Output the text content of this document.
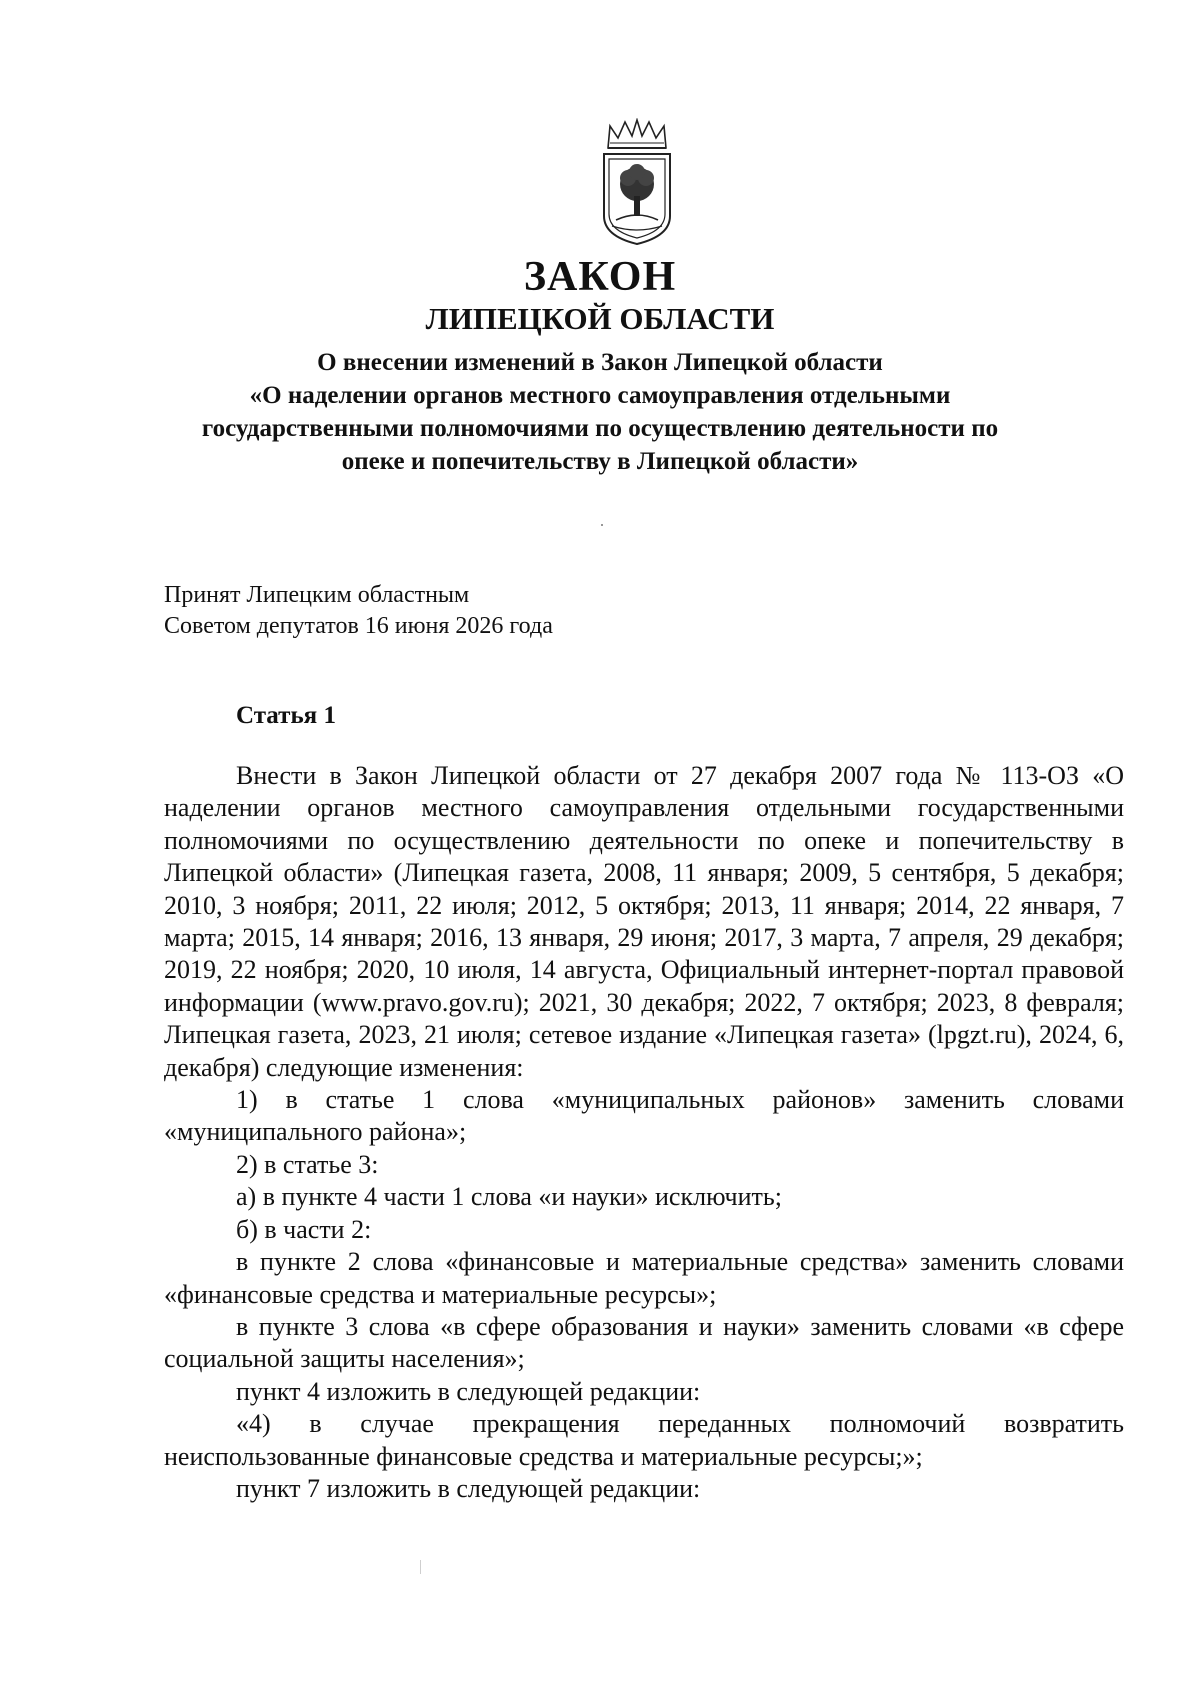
ЗАКОН
ЛИПЕЦКОЙ ОБЛАСТИ
О внесении изменений в Закон Липецкой области
«О наделении органов местного самоуправления отдельными
государственными полномочиями по осуществлению деятельности по
опеке и попечительству в Липецкой области»
Принят Липецким областным
Советом депутатов 16 июня 2026 года
Статья 1

Внести в Закон Липецкой области от 27 декабря 2007 года № 113-ОЗ «О наделении органов местного самоуправления отдельными государственными полномочиями по осуществлению деятельности по опеке и попечительству в Липецкой области» (Липецкая газета, 2008, 11 января; 2009, 5 сентября, 5 декабря; 2010, 3 ноября; 2011, 22 июля; 2012, 5 октября; 2013, 11 января; 2014, 22 января, 7 марта; 2015, 14 января; 2016, 13 января, 29 июня; 2017, 3 марта, 7 апреля, 29 декабря; 2019, 22 ноября; 2020, 10 июля, 14 августа, Официальный интернет-портал правовой информации (www.pravo.gov.ru); 2021, 30 декабря; 2022, 7 октября; 2023, 8 февраля; Липецкая газета, 2023, 21 июля; сетевое издание «Липецкая газета» (lpgzt.ru), 2024, 6, декабря) следующие изменения:

1) в статье 1 слова «муниципальных районов» заменить словами «муниципального района»;

2) в статье 3:

а) в пункте 4 части 1 слова «и науки» исключить;

б) в части 2:

в пункте 2 слова «финансовые и материальные средства» заменить словами «финансовые средства и материальные ресурсы»;

в пункте 3 слова «в сфере образования и науки» заменить словами «в сфере социальной защиты населения»;

пункт 4 изложить в следующей редакции:

«4) в случае прекращения переданных полномочий возвратить неиспользованные финансовые средства и материальные ресурсы;»;

пункт 7 изложить в следующей редакции:
